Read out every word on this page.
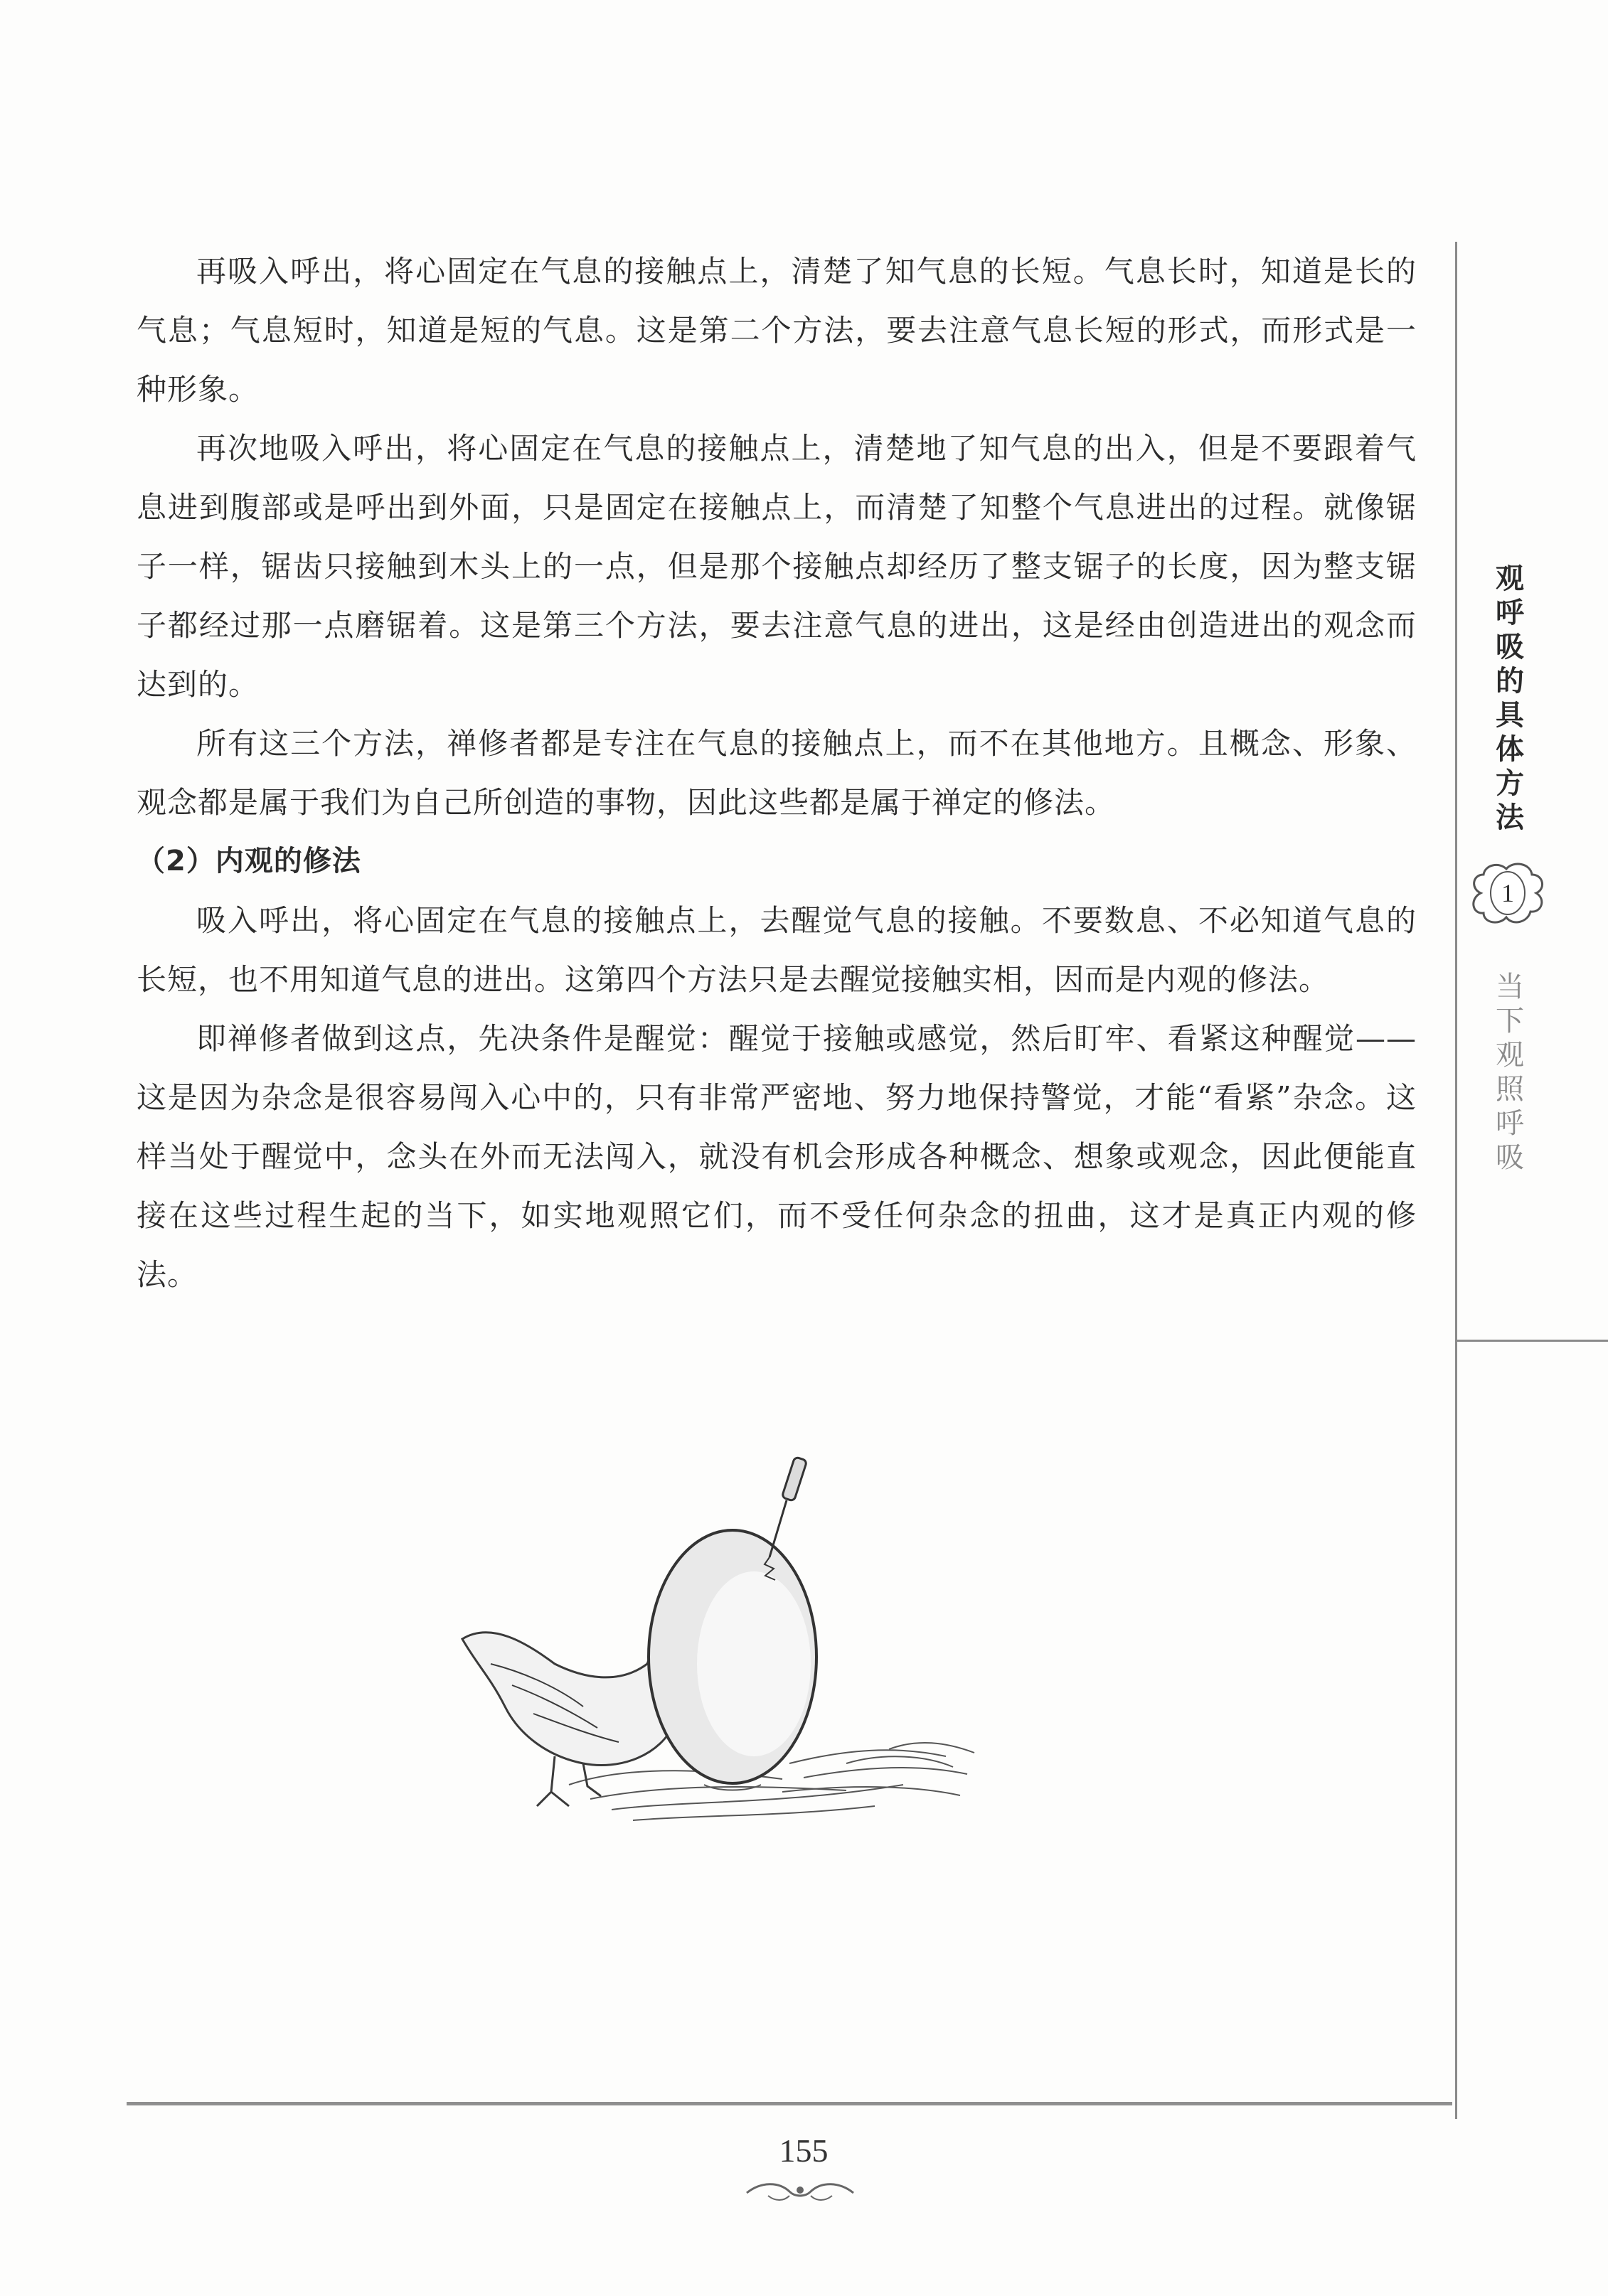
再吸入呼出，将心固定在气息的接触点上，清楚了知气息的长短。气息长时，知道是长的气息；气息短时，知道是短的气息。这是第二个方法，要去注意气息长短的形式，而形式是一种形象。

再次地吸入呼出，将心固定在气息的接触点上，清楚地了知气息的出入，但是不要跟着气息进到腹部或是呼出到外面，只是固定在接触点上，而清楚了知整个气息进出的过程。就像锯子一样，锯齿只接触到木头上的一点，但是那个接触点却经历了整支锯子的长度，因为整支锯子都经过那一点磨锯着。这是第三个方法，要去注意气息的进出，这是经由创造进出的观念而达到的。

所有这三个方法，禅修者都是专注在气息的接触点上，而不在其他地方。且概念、形象、观念都是属于我们为自己所创造的事物，因此这些都是属于禅定的修法。

（2）内观的修法

吸入呼出，将心固定在气息的接触点上，去醒觉气息的接触。不要数息、不必知道气息的长短，也不用知道气息的进出。这第四个方法只是去醒觉接触实相，因而是内观的修法。

即禅修者做到这点，先决条件是醒觉：醒觉于接触或感觉，然后盯牢、看紧这种醒觉——这是因为杂念是很容易闯入心中的，只有非常严密地、努力地保持警觉，才能“看紧”杂念。这样当处于醒觉中，念头在外而无法闯入，就没有机会形成各种概念、想象或观念，因此便能直接在这些过程生起的当下，如实地观照它们，而不受任何杂念的扭曲，这才是真正内观的修法。

观呼吸的具体方法
1
当下观照呼吸
155
